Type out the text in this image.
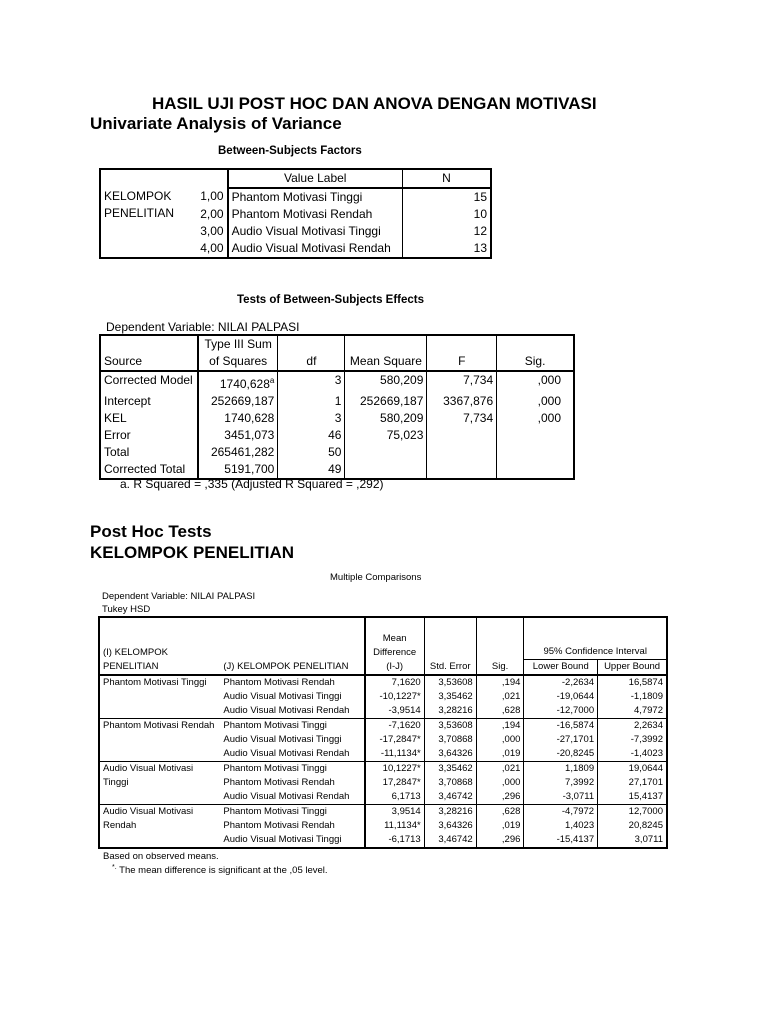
HASIL UJI POST HOC DAN ANOVA DENGAN MOTIVASI
Univariate Analysis of Variance
Between-Subjects Factors
		Value Label	N
KELOMPOK
PENELITIAN	1,00	Phantom Motivasi Tinggi	15
	2,00	Phantom Motivasi Rendah	10
	3,00	Audio Visual Motivasi Tinggi	12
	4,00	Audio Visual Motivasi Rendah	13
Tests of Between-Subjects Effects
Dependent Variable: NILAI PALPASI
Source	Type III Sum
of Squares	df	Mean Square	F	Sig.
Corrected Model	1740,628$^a$	3	580,209	7,734	,000
Intercept	252669,187	1	252669,187	3367,876	,000
KEL	1740,628	3	580,209	7,734	,000
Error	3451,073	46	75,023		
Total	265461,282	50			
Corrected Total	5191,700	49			
a. R Squared = ,335 (Adjusted R Squared = ,292)
Post Hoc Tests
KELOMPOK PENELITIAN
Multiple Comparisons
Dependent Variable: NILAI PALPASI
Tukey HSD
(I) KELOMPOK
PENELITIAN	(J) KELOMPOK PENELITIAN	Mean
Difference
(I-J)	Std. Error	Sig.	95% Confidence Interval	
					Lower Bound	Upper Bound
Phantom Motivasi Tinggi	Phantom Motivasi Rendah	7,1620	3,53608	,194	-2,2634	16,5874
	Audio Visual Motivasi Tinggi	-10,1227*	3,35462	,021	-19,0644	-1,1809
	Audio Visual Motivasi Rendah	-3,9514	3,28216	,628	-12,7000	4,7972
Phantom Motivasi Rendah	Phantom Motivasi Tinggi	-7,1620	3,53608	,194	-16,5874	2,2634
	Audio Visual Motivasi Tinggi	-17,2847*	3,70868	,000	-27,1701	-7,3992
	Audio Visual Motivasi Rendah	-11,1134*	3,64326	,019	-20,8245	-1,4023
Audio Visual Motivasi Tinggi	Phantom Motivasi Tinggi	10,1227*	3,35462	,021	1,1809	19,0644
	Phantom Motivasi Rendah	17,2847*	3,70868	,000	7,3992	27,1701
	Audio Visual Motivasi Rendah	6,1713	3,46742	,296	-3,0711	15,4137
Audio Visual Motivasi Rendah	Phantom Motivasi Tinggi	3,9514	3,28216	,628	-4,7972	12,7000
	Phantom Motivasi Rendah	11,1134*	3,64326	,019	1,4023	20,8245
	Audio Visual Motivasi Tinggi	-6,1713	3,46742	,296	-15,4137	3,0711
Based on observed means.
*. The mean difference is significant at the ,05 level.
